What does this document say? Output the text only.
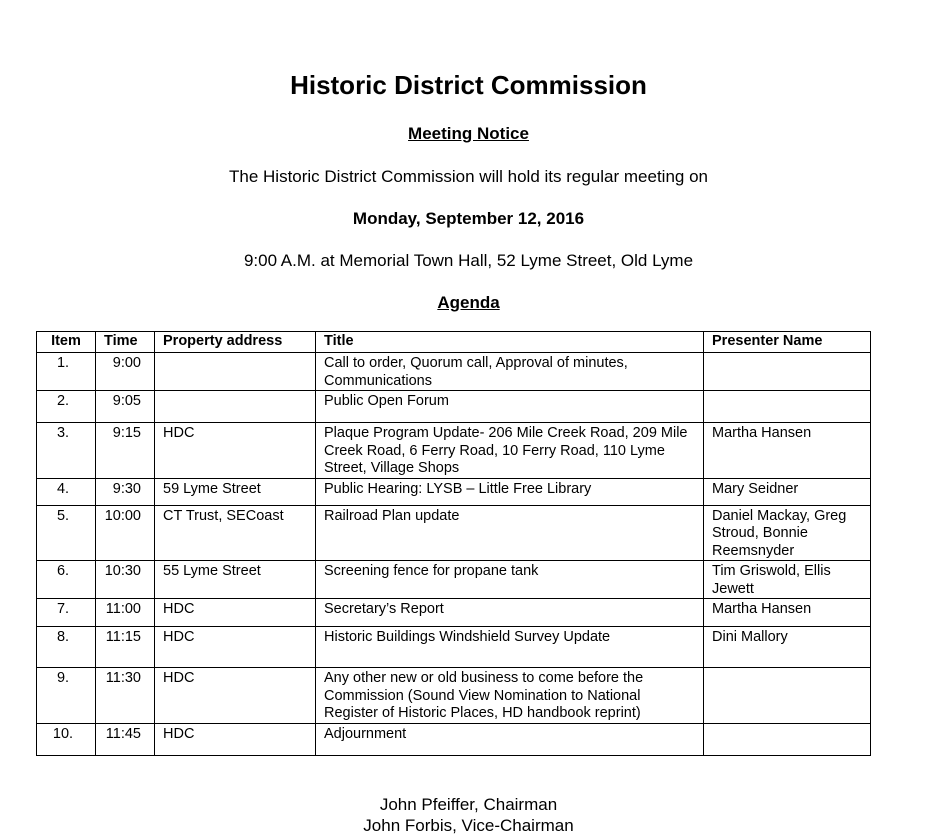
Historic District Commission
Meeting Notice
The Historic District Commission will hold its regular meeting on
Monday, September 12, 2016
9:00 A.M. at Memorial Town Hall, 52 Lyme Street, Old Lyme
Agenda
Item	Time	Property address	Title	Presenter Name
1.	9:00		Call to order, Quorum call, Approval of minutes, Communications	
2.	9:05		Public Open Forum	
3.	9:15	HDC	Plaque Program Update- 206 Mile Creek Road, 209 Mile Creek Road, 6 Ferry Road, 10 Ferry Road, 110 Lyme Street, Village Shops	Martha Hansen
4.	9:30	59 Lyme Street	Public Hearing: LYSB – Little Free Library	Mary Seidner
5.	10:00	CT Trust, SECoast	Railroad Plan update	Daniel Mackay, Greg Stroud, Bonnie Reemsnyder
6.	10:30	55 Lyme Street	Screening fence for propane tank	Tim Griswold, Ellis Jewett
7.	11:00	HDC	Secretary’s Report	Martha Hansen
8.	11:15	HDC	Historic Buildings Windshield Survey Update	Dini Mallory
9.	11:30	HDC	Any other new or old business to come before the Commission (Sound View Nomination to National Register of Historic Places, HD handbook reprint)	
10.	11:45	HDC	Adjournment	
John Pfeiffer, Chairman
John Forbis, Vice-Chairman
